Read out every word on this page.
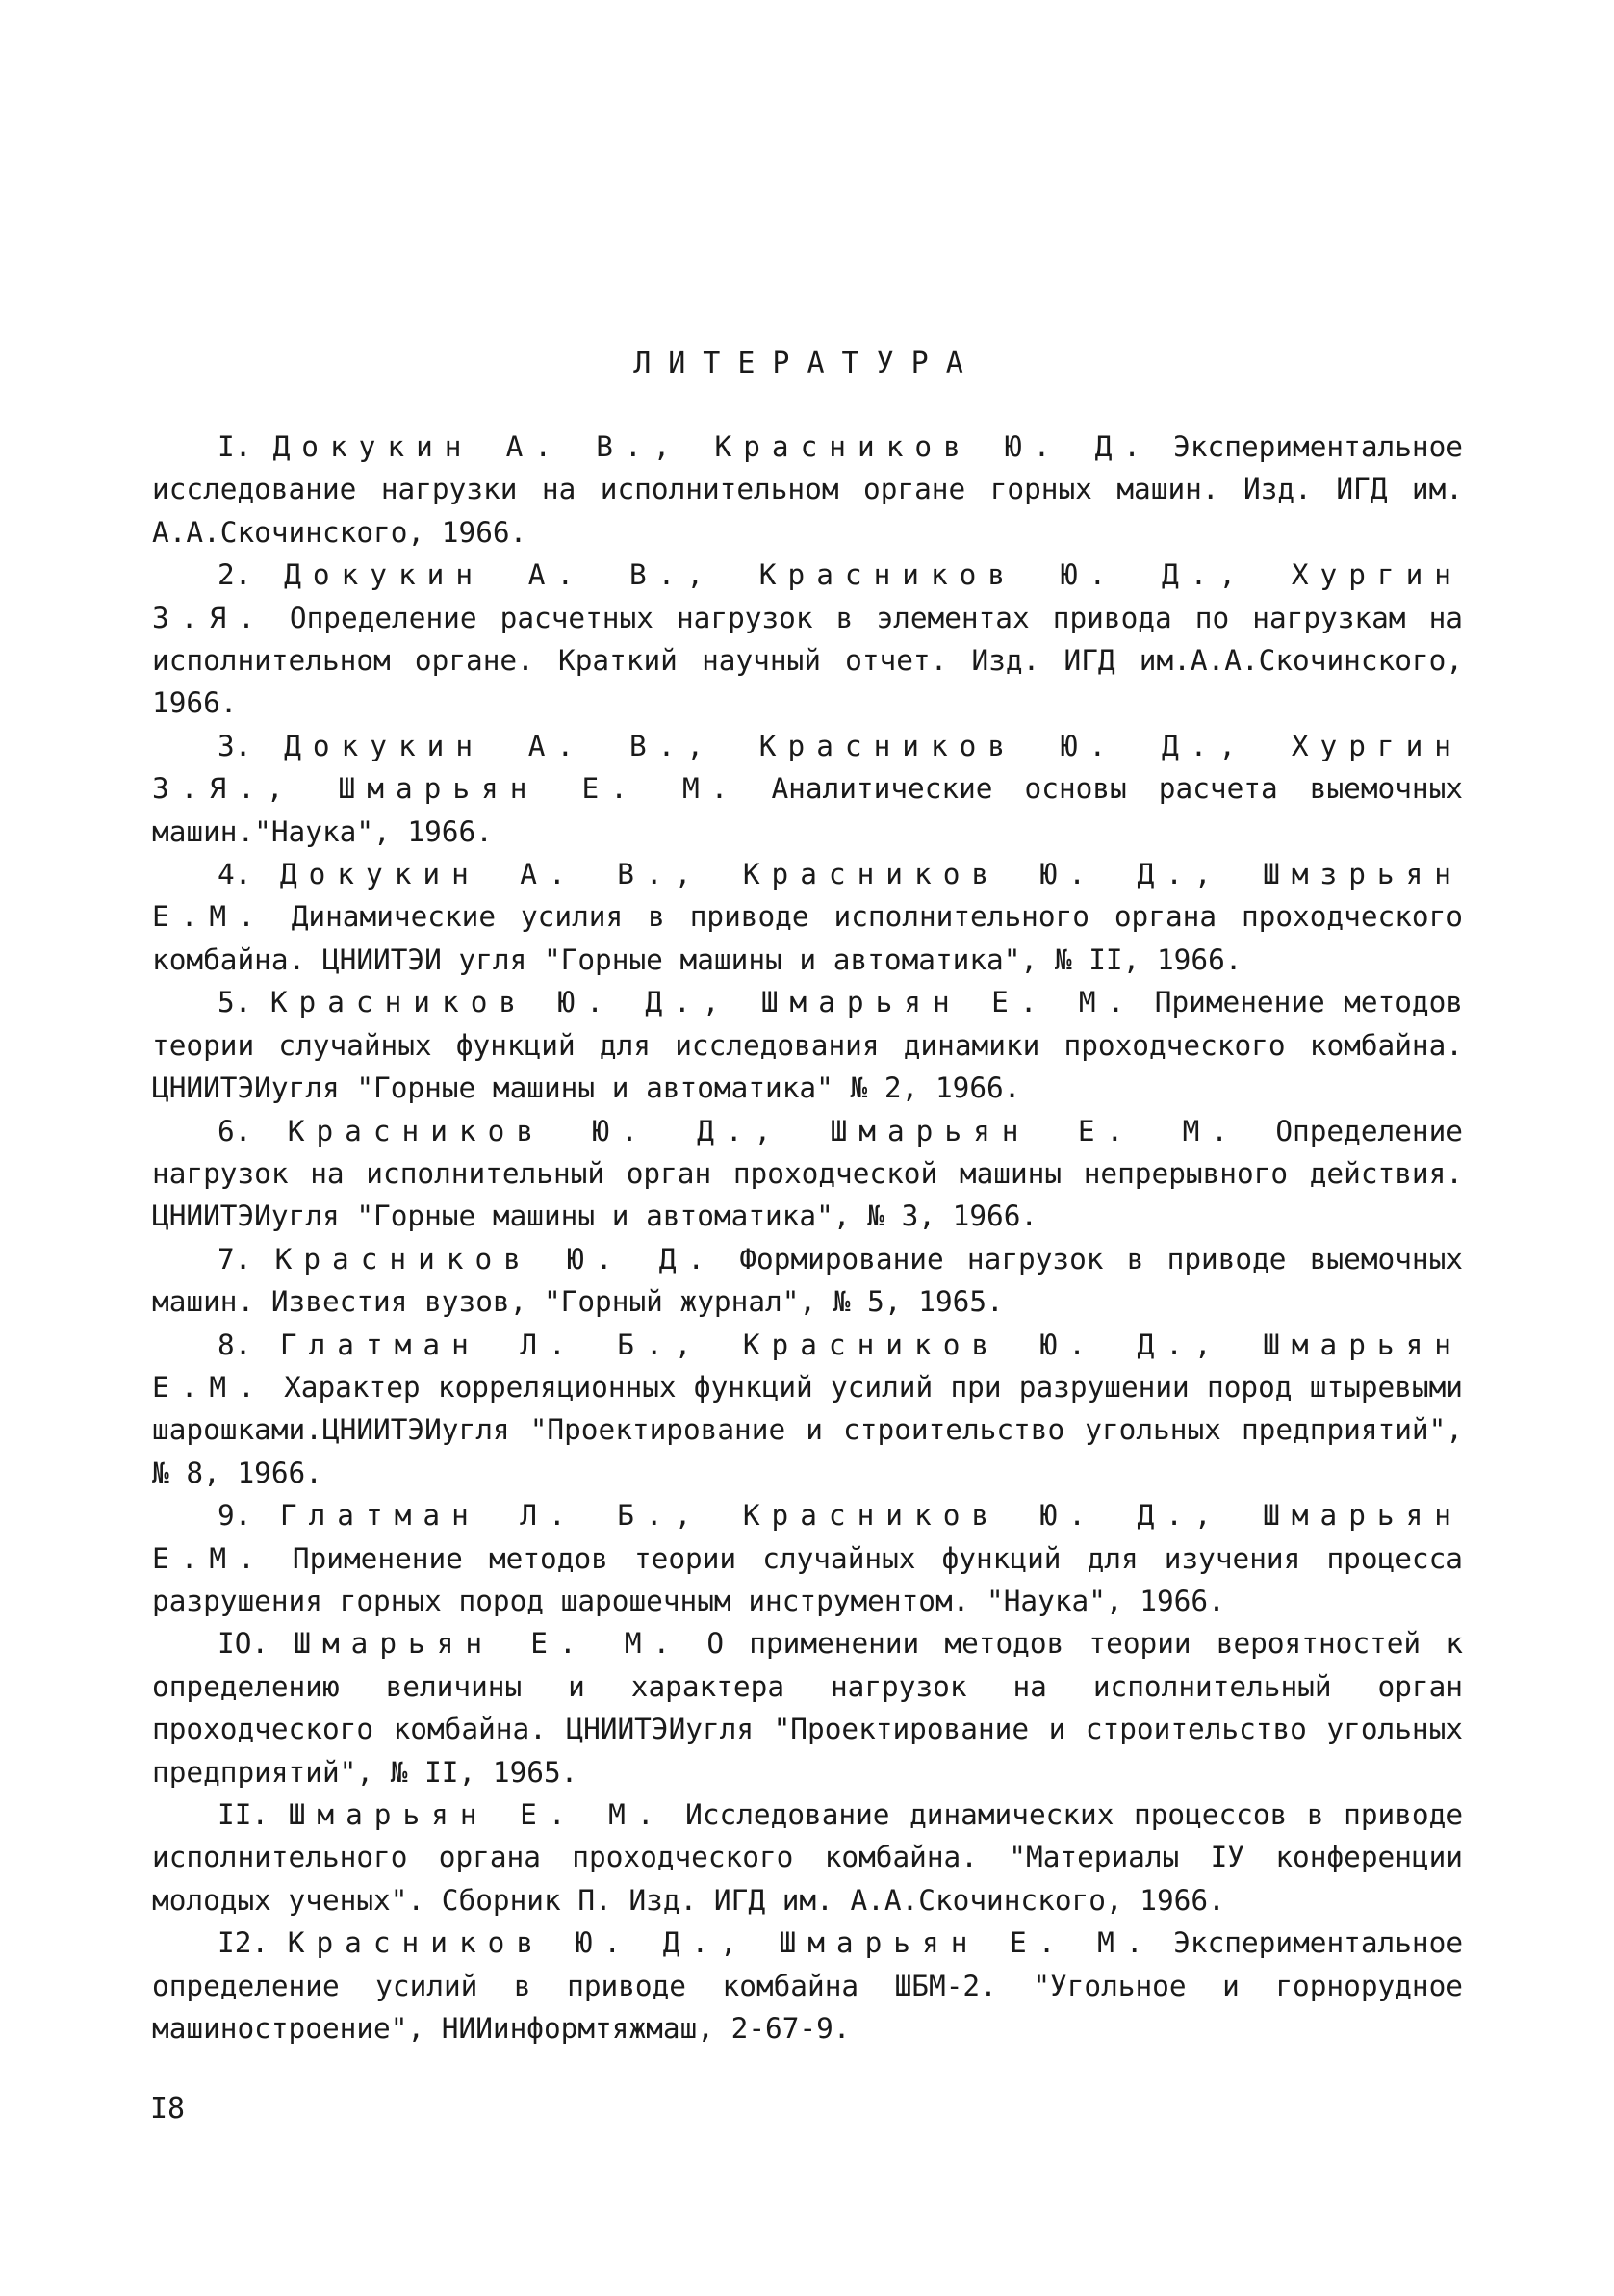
ЛИТЕРАТУРА

I. Докукин А. В., Красников Ю. Д. Экспериментальное исследование нагрузки на исполнительном органе горных машин. Изд. ИГД им. А.А.Скочинского, 1966.

2. Докукин А. В., Красников Ю. Д., Хургин З.Я. Определение расчетных нагрузок в элементах привода по нагрузкам на исполнительном органе. Краткий научный отчет. Изд. ИГД им.А.А.Скочинского, 1966.

3. Докукин А. В., Красников Ю. Д., Хургин З.Я., Шмарьян Е. М. Аналитические основы расчета выемочных машин."Наука", 1966.

4. Докукин А. В., Красников Ю. Д., Шмзрьян Е.М. Динамические усилия в приводе исполнительного органа проходческого комбайна. ЦНИИТЭИ угля "Горные машины и автоматика", № II, 1966.

5. Красников Ю. Д., Шмарьян Е. М. Применение методов теории случайных функций для исследования динамики проходческого комбайна. ЦНИИТЭИугля "Горные машины и автоматика" № 2, 1966.

6. Красников Ю. Д., Шмарьян Е. М. Определение нагрузок на исполнительный орган проходческой машины непрерывного действия. ЦНИИТЭИугля "Горные машины и автоматика", № 3, 1966.

7. Красников Ю. Д. Формирование нагрузок в приводе выемочных машин. Известия вузов, "Горный журнал", № 5, 1965.

8. Глатман Л. Б., Красников Ю. Д., Шмарьян Е.М. Характер корреляционных функций усилий при разрушении пород штыревыми шарошками.ЦНИИТЭИугля "Проектирование и строительство угольных предприятий", № 8, 1966.

9. Глатман Л. Б., Красников Ю. Д., Шмарьян Е.М. Применение методов теории случайных функций для изучения процесса разрушения горных пород шарошечным инструментом. "Наука", 1966.

IO. Шмарьян Е. М. О применении методов теории вероятностей к определению величины и характера нагрузок на исполнительный орган проходческого комбайна. ЦНИИТЭИугля "Проектирование и строительство угольных предприятий", № II, 1965.

II. Шмарьян Е. М. Исследование динамических процессов в приводе исполнительного органа проходческого комбайна. "Материалы IУ конференции молодых ученых". Сборник П. Изд. ИГД им. А.А.Скочинского, 1966.

I2. Красников Ю. Д., Шмарьян Е. М. Экспериментальное определение усилий в приводе комбайна ШБМ-2. "Угольное и горнорудное машиностроение", НИИинформтяжмаш, 2-67-9.

I8
